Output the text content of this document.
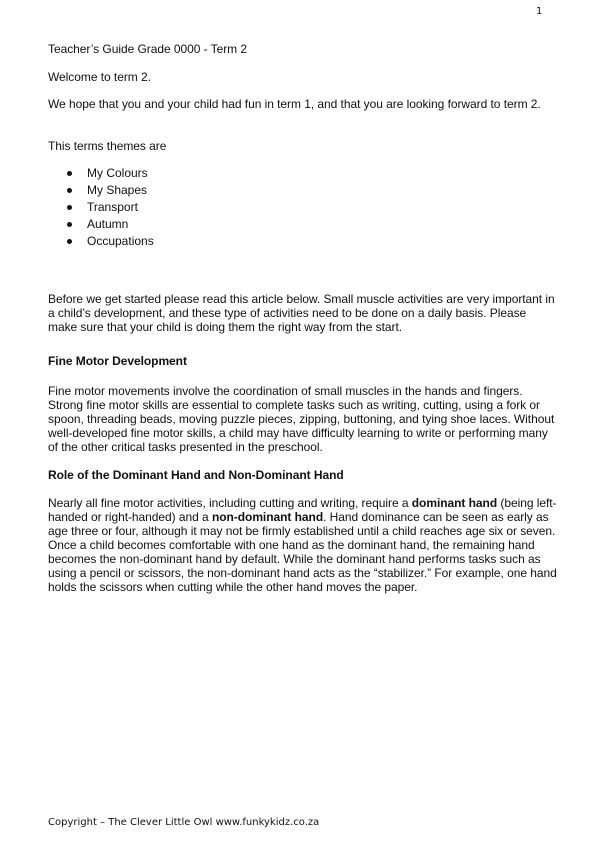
1

Teacher’s Guide Grade 0000 - Term 2

Welcome to term 2.

We hope that you and your child had fun in term 1, and that you are looking forward to term 2.

This terms themes are

My Colours
My Shapes
Transport
Autumn
Occupations

Before we get started please read this article below. Small muscle activities are very important in a child’s development, and these type of activities need to be done on a daily basis. Please make sure that your child is doing them the right way from the start.

Fine Motor Development

Fine motor movements involve the coordination of small muscles in the hands and fingers. Strong fine motor skills are essential to complete tasks such as writing, cutting, using a fork or spoon, threading beads, moving puzzle pieces, zipping, buttoning, and tying shoe laces. Without well-developed fine motor skills, a child may have difficulty learning to write or performing many of the other critical tasks presented in the preschool.

Role of the Dominant Hand and Non-Dominant Hand

Nearly all fine motor activities, including cutting and writing, require a dominant hand (being left-handed or right-handed) and a non-dominant hand. Hand dominance can be seen as early as age three or four, although it may not be firmly established until a child reaches age six or seven. Once a child becomes comfortable with one hand as the dominant hand, the remaining hand becomes the non-dominant hand by default. While the dominant hand performs tasks such as using a pencil or scissors, the non-dominant hand acts as the “stabilizer.” For example, one hand holds the scissors when cutting while the other hand moves the paper.

Copyright – The Clever Little Owl www.funkykidz.co.za
